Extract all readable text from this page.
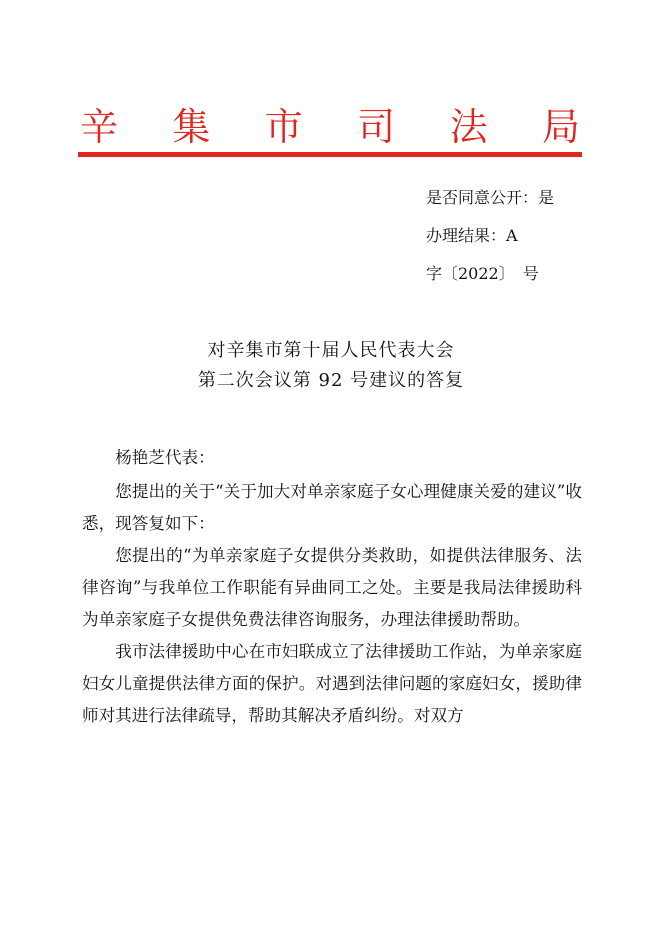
辛 集 市 司 法 局
是否同意公开：是
办理结果：A
字〔2022〕　号
对辛集市第十届人民代表大会
第二次会议第 92 号建议的答复

杨艳芝代表：

您提出的关于“关于加大对单亲家庭子女心理健康关爱的建议”收悉，现答复如下：

您提出的“为单亲家庭子女提供分类救助，如提供法律服务、法律咨询”与我单位工作职能有异曲同工之处。主要是我局法律援助科为单亲家庭子女提供免费法律咨询服务，办理法律援助帮助。

我市法律援助中心在市妇联成立了法律援助工作站，为单亲家庭妇女儿童提供法律方面的保护。对遇到法律问题的家庭妇女，援助律师对其进行法律疏导，帮助其解决矛盾纠纷。对双方
